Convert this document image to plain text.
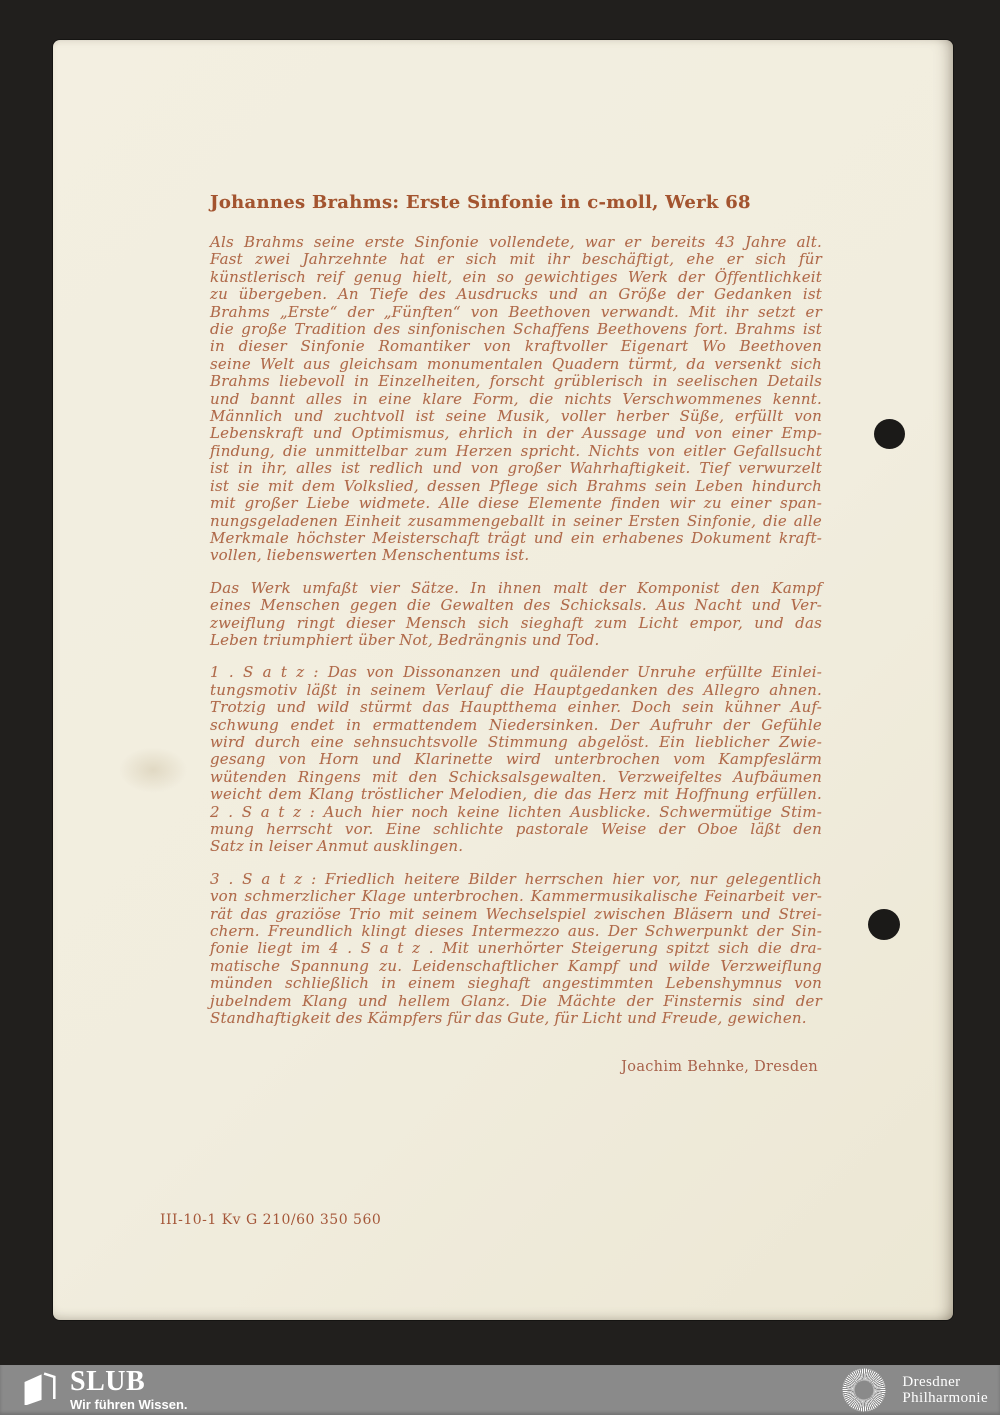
Johannes Brahms: Erste Sinfonie in c-moll, Werk 68
Als Brahms seine erste Sinfonie vollendete, war er bereits 43 Jahre alt.
Fast zwei Jahrzehnte hat er sich mit ihr beschäftigt, ehe er sich für
künstlerisch reif genug hielt, ein so gewichtiges Werk der Öffentlichkeit
zu übergeben. An Tiefe des Ausdrucks und an Größe der Gedanken ist
Brahms „Erste“ der „Fünften“ von Beethoven verwandt. Mit ihr setzt er
die große Tradition des sinfonischen Schaffens Beethovens fort. Brahms ist
in dieser Sinfonie Romantiker von kraftvoller Eigenart Wo Beethoven
seine Welt aus gleichsam monumentalen Quadern türmt, da versenkt sich
Brahms liebevoll in Einzelheiten, forscht grüblerisch in seelischen Details
und bannt alles in eine klare Form, die nichts Verschwommenes kennt.
Männlich und zuchtvoll ist seine Musik, voller herber Süße, erfüllt von
Lebenskraft und Optimismus, ehrlich in der Aussage und von einer Emp-
findung, die unmittelbar zum Herzen spricht. Nichts von eitler Gefallsucht
ist in ihr, alles ist redlich und von großer Wahrhaftigkeit. Tief verwurzelt
ist sie mit dem Volkslied, dessen Pflege sich Brahms sein Leben hindurch
mit großer Liebe widmete. Alle diese Elemente finden wir zu einer span-
nungsgeladenen Einheit zusammengeballt in seiner Ersten Sinfonie, die alle
Merkmale höchster Meisterschaft trägt und ein erhabenes Dokument kraft-
vollen, liebenswerten Menschentums ist.
Das Werk umfaßt vier Sätze. In ihnen malt der Komponist den Kampf
eines Menschen gegen die Gewalten des Schicksals. Aus Nacht und Ver-
zweiflung ringt dieser Mensch sich sieghaft zum Licht empor, und das
Leben triumphiert über Not, Bedrängnis und Tod.
1 . S a t z : Das von Dissonanzen und quälender Unruhe erfüllte Einlei-
tungsmotiv läßt in seinem Verlauf die Hauptgedanken des Allegro ahnen.
Trotzig und wild stürmt das Hauptthema einher. Doch sein kühner Auf-
schwung endet in ermattendem Niedersinken. Der Aufruhr der Gefühle
wird durch eine sehnsuchtsvolle Stimmung abgelöst. Ein lieblicher Zwie-
gesang von Horn und Klarinette wird unterbrochen vom Kampfeslärm
wütenden Ringens mit den Schicksalsgewalten. Verzweifeltes Aufbäumen
weicht dem Klang tröstlicher Melodien, die das Herz mit Hoffnung erfüllen.
2 . S a t z : Auch hier noch keine lichten Ausblicke. Schwermütige Stim-
mung herrscht vor. Eine schlichte pastorale Weise der Oboe läßt den
Satz in leiser Anmut ausklingen.
3 . S a t z : Friedlich heitere Bilder herrschen hier vor, nur gelegentlich
von schmerzlicher Klage unterbrochen. Kammermusikalische Feinarbeit ver-
rät das graziöse Trio mit seinem Wechselspiel zwischen Bläsern und Strei-
chern. Freundlich klingt dieses Intermezzo aus. Der Schwerpunkt der Sin-
fonie liegt im 4 . S a t z . Mit unerhörter Steigerung spitzt sich die dra-
matische Spannung zu. Leidenschaftlicher Kampf und wilde Verzweiflung
münden schließlich in einem sieghaft angestimmten Lebenshymnus von
jubelndem Klang und hellem Glanz. Die Mächte der Finsternis sind der
Standhaftigkeit des Kämpfers für das Gute, für Licht und Freude, gewichen.
Joachim Behnke, Dresden
III-10-1 Kv G 210/60 350 560
SLUB
Wir führen Wissen.
Dresdner
Philharmonie
